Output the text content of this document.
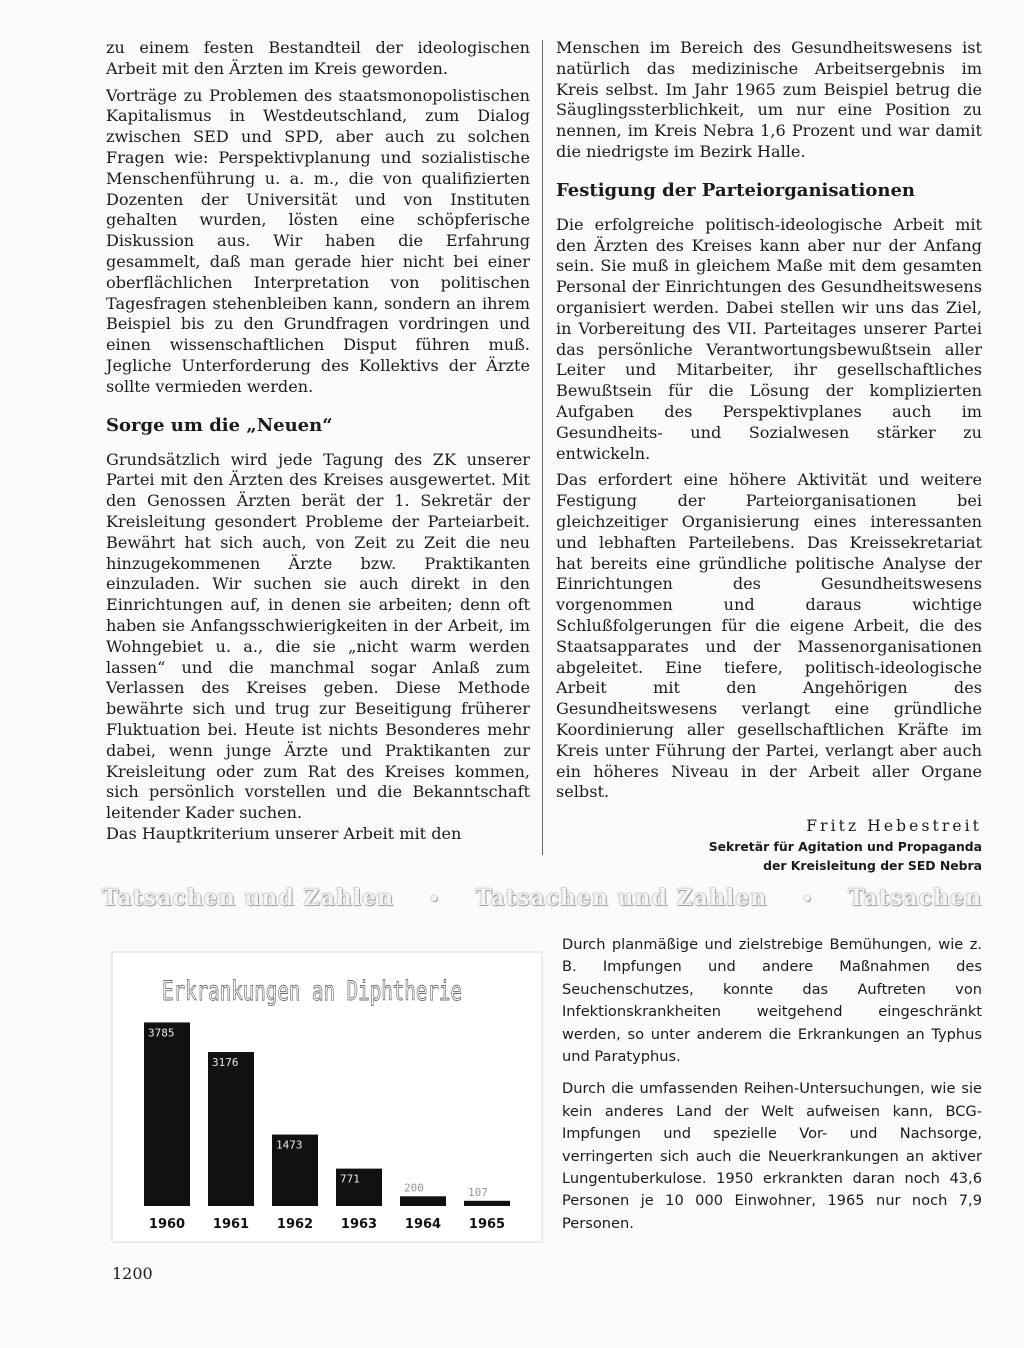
zu einem festen Bestandteil der ideologischen Arbeit mit den Ärzten im Kreis geworden.

Vorträge zu Problemen des staatsmonopolistischen Kapitalismus in Westdeutschland, zum Dialog zwischen SED und SPD, aber auch zu solchen Fragen wie: Perspektivplanung und sozialistische Menschenführung u. a. m., die von qualifizierten Dozenten der Universität und von Instituten gehalten wurden, lösten eine schöpferische Diskussion aus. Wir haben die Erfahrung gesammelt, daß man gerade hier nicht bei einer oberflächlichen Interpretation von politischen Tagesfragen stehenbleiben kann, sondern an ihrem Beispiel bis zu den Grundfragen vordringen und einen wissenschaftlichen Disput führen muß. Jegliche Unterforderung des Kollektivs der Ärzte sollte vermieden werden.

Sorge um die „Neuen“

Grundsätzlich wird jede Tagung des ZK unserer Partei mit den Ärzten des Kreises ausgewertet. Mit den Genossen Ärzten berät der 1. Sekretär der Kreisleitung gesondert Probleme der Parteiarbeit. Bewährt hat sich auch, von Zeit zu Zeit die neu hinzugekommenen Ärzte bzw. Praktikanten einzuladen. Wir suchen sie auch direkt in den Einrichtungen auf, in denen sie arbeiten; denn oft haben sie Anfangsschwierigkeiten in der Arbeit, im Wohngebiet u. a., die sie „nicht warm werden lassen“ und die manchmal sogar Anlaß zum Verlassen des Kreises geben. Diese Methode bewährte sich und trug zur Beseitigung früherer Fluktuation bei. Heute ist nichts Besonderes mehr dabei, wenn junge Ärzte und Praktikanten zur Kreisleitung oder zum Rat des Kreises kommen, sich persönlich vorstellen und die Bekanntschaft leitender Kader suchen.

Das Hauptkriterium unserer Arbeit mit den

Menschen im Bereich des Gesundheitswesens ist natürlich das medizinische Arbeitsergebnis im Kreis selbst. Im Jahr 1965 zum Beispiel betrug die Säuglingssterblichkeit, um nur eine Position zu nennen, im Kreis Nebra 1,6 Prozent und war damit die niedrigste im Bezirk Halle.

Festigung der Parteiorganisationen

Die erfolgreiche politisch-ideologische Arbeit mit den Ärzten des Kreises kann aber nur der Anfang sein. Sie muß in gleichem Maße mit dem gesamten Personal der Einrichtungen des Gesundheitswesens organisiert werden. Dabei stellen wir uns das Ziel, in Vorbereitung des VII. Parteitages unserer Partei das persönliche Verantwortungsbewußtsein aller Leiter und Mitarbeiter, ihr gesellschaftliches Bewußtsein für die Lösung der komplizierten Aufgaben des Perspektivplanes auch im Gesundheits- und Sozialwesen stärker zu entwickeln.

Das erfordert eine höhere Aktivität und weitere Festigung der Parteiorganisationen bei gleichzeitiger Organisierung eines interessanten und lebhaften Parteilebens. Das Kreissekretariat hat bereits eine gründliche politische Analyse der Einrichtungen des Gesundheitswesens vorgenommen und daraus wichtige Schlußfolgerungen für die eigene Arbeit, die des Staatsapparates und der Massenorganisationen abgeleitet. Eine tiefere, politisch-ideologische Arbeit mit den Angehörigen des Gesundheitswesens verlangt eine gründliche Koordinierung aller gesellschaftlichen Kräfte im Kreis unter Führung der Partei, verlangt aber auch ein höheres Niveau in der Arbeit aller Organe selbst.

Fritz Hebestreit
Sekretär für Agitation und Propaganda
der Kreisleitung der SED Nebra
Tatsachen und Zahlen • Tatsachen und Zahlen • Tatsachen
Erkrankungen an Diphtherie
3785
3176
1473
771
200	107
1960 1961 1962 1963 1964 1965

Durch planmäßige und zielstrebige Bemühungen, wie z. B. Impfungen und andere Maßnahmen des Seuchenschutzes, konnte das Auftreten von Infektionskrankheiten weitgehend eingeschränkt werden, so unter anderem die Erkrankungen an Typhus und Paratyphus.

Durch die umfassenden Reihen-Untersuchungen, wie sie kein anderes Land der Welt aufweisen kann, BCG-Impfungen und spezielle Vor- und Nachsorge, verringerten sich auch die Neuerkrankungen an aktiver Lungentuberkulose. 1950 erkrankten daran noch 43,6 Personen je 10 000 Einwohner, 1965 nur noch 7,9 Personen.

1200
